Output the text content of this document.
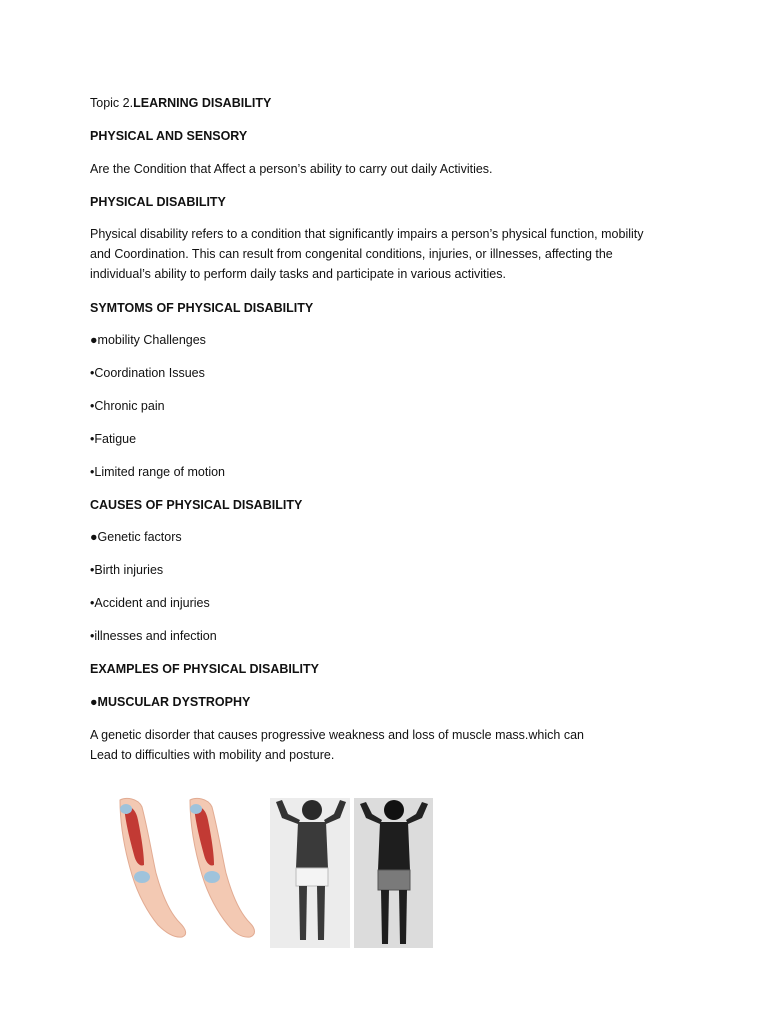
Topic 2.LEARNING DISABILITY
PHYSICAL AND SENSORY
Are the Condition that Affect a person’s ability to carry out daily Activities.
PHYSICAL DISABILITY
Physical disability refers to a condition that significantly impairs a person’s physical function, mobility
and Coordination. This can result from congenital conditions, injuries, or illnesses, affecting the
individual’s ability to perform daily tasks and participate in various activities.
SYMTOMS OF PHYSICAL DISABILITY
●mobility Challenges
•Coordination Issues
•Chronic pain
•Fatigue
•Limited range of motion
CAUSES OF PHYSICAL DISABILITY
●Genetic factors
•Birth injuries
•Accident and injuries
•illnesses and infection
EXAMPLES OF PHYSICAL DISABILITY
●MUSCULAR DYSTROPHY
A genetic disorder that causes progressive weakness and loss of muscle mass.which can
Lead to difficulties with mobility and posture.
